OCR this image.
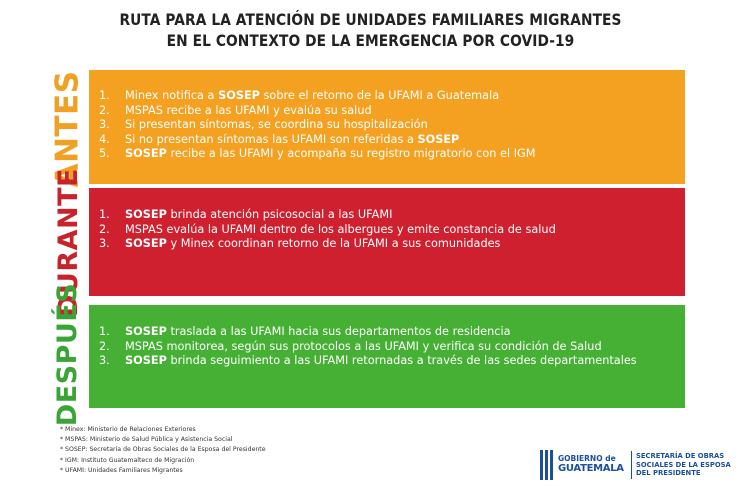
RUTA PARA LA ATENCIÓN DE UNIDADES FAMILIARES MIGRANTES
EN EL CONTEXTO DE LA EMERGENCIA POR COVID-19
ANTES 1.	Minex notifica a SOSEP sobre el retorno de la UFAMI a Guatemala
2.	MSPAS recibe a las UFAMI y evalúa su salud
3.	Si presentan síntomas, se coordina su hospitalización
4.	Si no presentan síntomas las UFAMI son referidas a SOSEP
5.	SOSEP recibe a las UFAMI y acompaña su registro migratorio con el IGM
DURANTE 1.	SOSEP brinda atención psicosocial a las UFAMI
2.	MSPAS evalúa la UFAMI dentro de los albergues y emite constancia de salud
3.	SOSEP y Minex coordinan retorno de la UFAMI a sus comunidades
DESPUÉS 1.	SOSEP traslada a las UFAMI hacia sus departamentos de residencia
2.	MSPAS monitorea, según sus protocolos a las UFAMI y verifica su condición de Salud
3.	SOSEP brinda seguimiento a las UFAMI retornadas a través de las sedes departamentales
* Minex: Ministerio de Relaciones Exteriores
* MSPAS: Ministerio de Salud Pública y Asistencia Social
* SOSEP: Secretaría de Obras Sociales de la Esposa del Presidente
* IGM: Instituto Guatemalteco de Migración
* UFAMI: Unidades Familiares Migrantes
GOBIERNO de
GUATEMALA
SECRETARÍA DE OBRAS
SOCIALES DE LA ESPOSA
DEL PRESIDENTE
